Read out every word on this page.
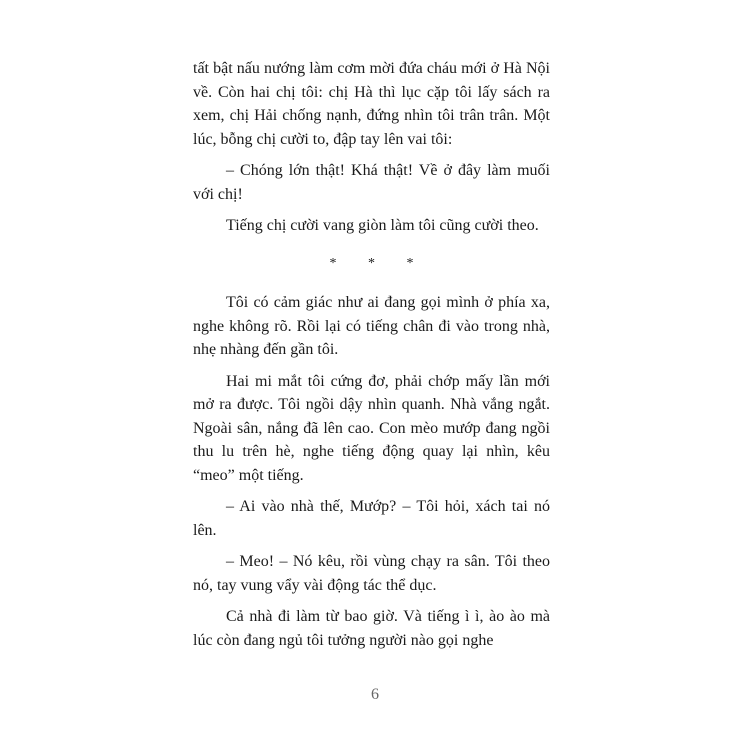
tất bật nấu nướng làm cơm mời đứa cháu mới ở Hà Nội về. Còn hai chị tôi: chị Hà thì lục cặp tôi lấy sách ra xem, chị Hải chống nạnh, đứng nhìn tôi trân trân. Một lúc, bỗng chị cười to, đập tay lên vai tôi:

– Chóng lớn thật! Khá thật! Về ở đây làm muối với chị!

Tiếng chị cười vang giòn làm tôi cũng cười theo.

* * *

Tôi có cảm giác như ai đang gọi mình ở phía xa, nghe không rõ. Rồi lại có tiếng chân đi vào trong nhà, nhẹ nhàng đến gần tôi.

Hai mi mắt tôi cứng đơ, phải chớp mấy lần mới mở ra được. Tôi ngồi dậy nhìn quanh. Nhà vắng ngắt. Ngoài sân, nắng đã lên cao. Con mèo mướp đang ngồi thu lu trên hè, nghe tiếng động quay lại nhìn, kêu “meo” một tiếng.

– Ai vào nhà thế, Mướp? – Tôi hỏi, xách tai nó lên.

– Meo! – Nó kêu, rồi vùng chạy ra sân. Tôi theo nó, tay vung vẩy vài động tác thể dục.

Cả nhà đi làm từ bao giờ. Và tiếng ì ì, ào ào mà lúc còn đang ngủ tôi tưởng người nào gọi nghe

6
